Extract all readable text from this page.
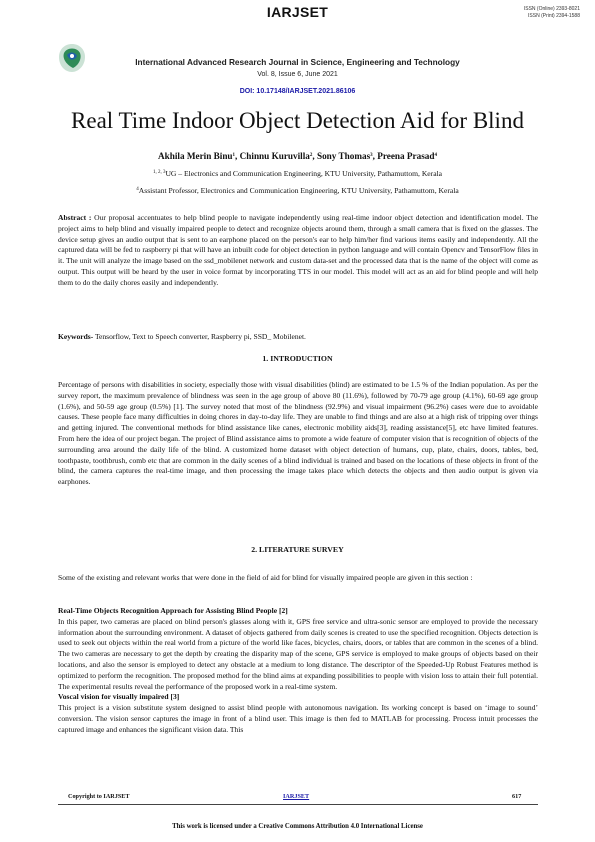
IARJSET	ISSN (Online) 2393-8021
ISSN (Print) 2394-1588
International Advanced Research Journal in Science, Engineering and Technology
Vol. 8, Issue 6, June 2021
DOI: 10.17148/IARJSET.2021.86106
Real Time Indoor Object Detection Aid for Blind
Akhila Merin Binu$^1$, Chinnu Kuruvilla$^2$, Sony Thomas$^3$, Preena Prasad$^4$
$^{1, 2, 3}$UG – Electronics and Communication Engineering, KTU University, Pathamuttom, Kerala
$^4$Assistant Professor, Electronics and Communication Engineering, KTU University, Pathamuttom, Kerala
Abstract : Our proposal accentuates to help blind people to navigate independently using real-time indoor object detection and identification model. The project aims to help blind and visually impaired people to detect and recognize objects around them, through a small camera that is fixed on the glasses. The device setup gives an audio output that is sent to an earphone placed on the person's ear to help him/her find various items easily and independently. All the captured data will be fed to raspberry pi that will have an inbuilt code for object detection in python language and will contain Opencv and TensorFlow files in it. The unit will analyze the image based on the ssd_mobilenet network and custom data-set and the processed data that is the name of the object will come as output. This output will be heard by the user in voice format by incorporating TTS in our model. This model will act as an aid for blind people and will help them to do the daily chores easily and independently.
Keywords- Tensorflow, Text to Speech converter, Raspberry pi, SSD_ Mobilenet.
1. INTRODUCTION
Percentage of persons with disabilities in society, especially those with visual disabilities (blind) are estimated to be 1.5 % of the Indian population. As per the survey report, the maximum prevalence of blindness was seen in the age group of above 80 (11.6%), followed by 70-79 age group (4.1%), 60-69 age group (1.6%), and 50-59 age group (0.5%) [1]. The survey noted that most of the blindness (92.9%) and visual impairment (96.2%) cases were due to avoidable causes. These people face many difficulties in doing chores in day-to-day life. They are unable to find things and are also at a high risk of tripping over things and getting injured. The conventional methods for blind assistance like canes, electronic mobility aids[3], reading assistance[5], etc have limited features. From here the idea of our project began. The project of Blind assistance aims to promote a wide feature of computer vision that is recognition of objects of the surrounding area around the daily life of the blind. A customized home dataset with object detection of humans, cup, plate, chairs, doors, tables, bed, toothpaste, toothbrush, comb etc that are common in the daily scenes of a blind individual is trained and based on the locations of these objects in front of the blind, the camera captures the real-time image, and then processing the image takes place which detects the objects and then audio output is given via earphones.
2. LITERATURE SURVEY
Some of the existing and relevant works that were done in the field of aid for blind for visually impaired people are given in this section :
Real-Time Objects Recognition Approach for Assisting Blind People [2]
In this paper, two cameras are placed on blind person's glasses along with it, GPS free service and ultra-sonic sensor are employed to provide the necessary information about the surrounding environment. A dataset of objects gathered from daily scenes is created to use the specified recognition. Objects detection is used to seek out objects within the real world from a picture of the world like faces, bicycles, chairs, doors, or tables that are common in the scenes of a blind. The two cameras are necessary to get the depth by creating the disparity map of the scene, GPS service is employed to make groups of objects based on their locations, and also the sensor is employed to detect any obstacle at a medium to long distance. The descriptor of the Speeded-Up Robust Features method is optimized to perform the recognition. The proposed method for the blind aims at expanding possibilities to people with vision loss to attain their full potential. The experimental results reveal the performance of the proposed work in a real-time system.
Voscal vision for visually impaired [3]
This project is a vision substitute system designed to assist blind people with autonomous navigation. Its working concept is based on ‘image to sound’ conversion. The vision sensor captures the image in front of a blind user. This image is then fed to MATLAB for processing. Process intuit processes the captured image and enhances the significant vision data. This
Copyright to IARJSET	IARJSET	617
This work is licensed under a Creative Commons Attribution 4.0 International License
